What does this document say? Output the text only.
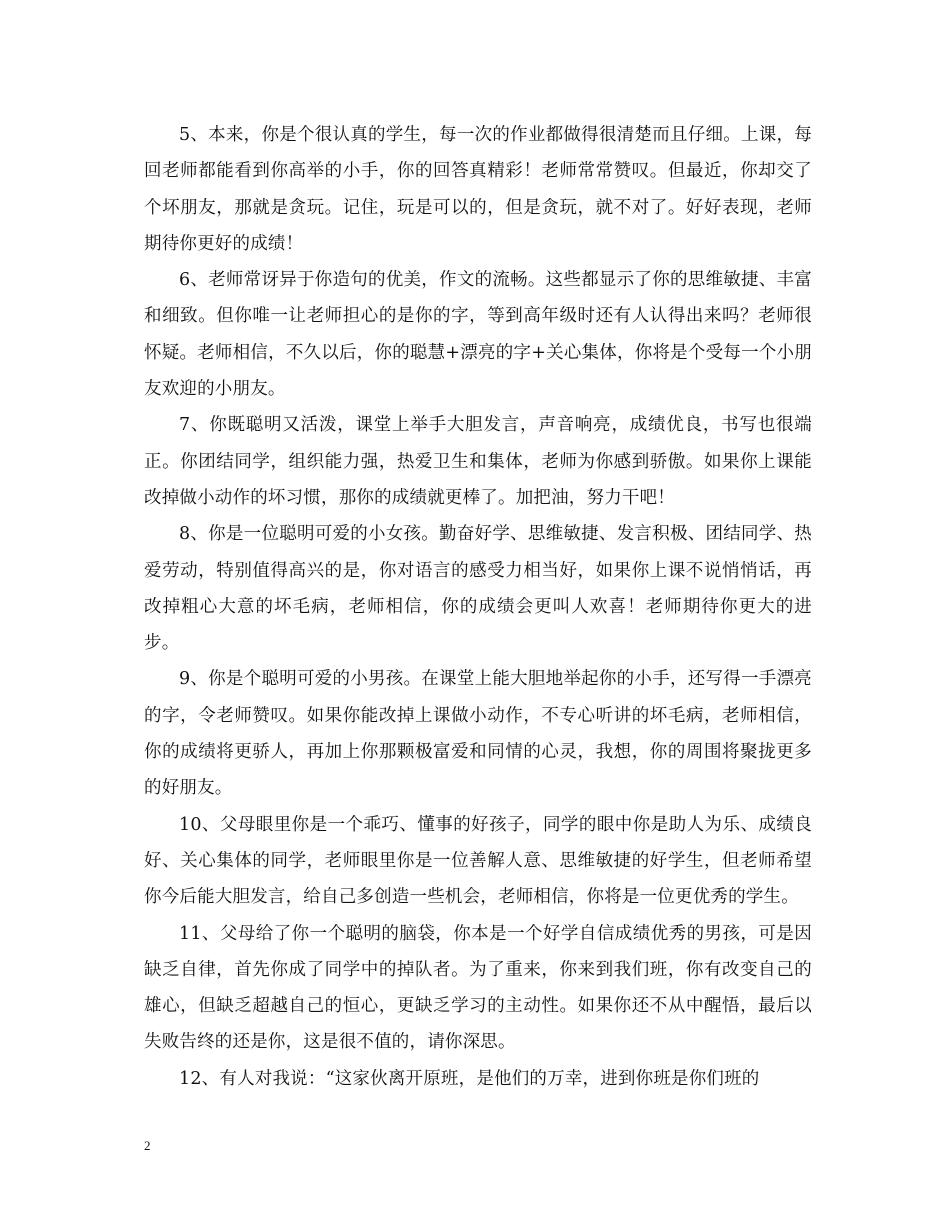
5、本来，你是个很认真的学生，每一次的作业都做得很清楚而且仔细。上课，每回老师都能看到你高举的小手，你的回答真精彩！老师常常赞叹。但最近，你却交了个坏朋友，那就是贪玩。记住，玩是可以的，但是贪玩，就不对了。好好表现，老师期待你更好的成绩！

6、老师常讶异于你造句的优美，作文的流畅。这些都显示了你的思维敏捷、丰富和细致。但你唯一让老师担心的是你的字，等到高年级时还有人认得出来吗？老师很怀疑。老师相信，不久以后，你的聪慧+漂亮的字+关心集体，你将是个受每一个小朋友欢迎的小朋友。

7、你既聪明又活泼，课堂上举手大胆发言，声音响亮，成绩优良，书写也很端正。你团结同学，组织能力强，热爱卫生和集体，老师为你感到骄傲。如果你上课能改掉做小动作的坏习惯，那你的成绩就更棒了。加把油，努力干吧！

8、你是一位聪明可爱的小女孩。勤奋好学、思维敏捷、发言积极、团结同学、热爱劳动，特别值得高兴的是，你对语言的感受力相当好，如果你上课不说悄悄话，再改掉粗心大意的坏毛病，老师相信，你的成绩会更叫人欢喜！老师期待你更大的进步。

9、你是个聪明可爱的小男孩。在课堂上能大胆地举起你的小手，还写得一手漂亮的字，令老师赞叹。如果你能改掉上课做小动作，不专心听讲的坏毛病，老师相信，你的成绩将更骄人，再加上你那颗极富爱和同情的心灵，我想，你的周围将聚拢更多的好朋友。

10、父母眼里你是一个乖巧、懂事的好孩子，同学的眼中你是助人为乐、成绩良好、关心集体的同学，老师眼里你是一位善解人意、思维敏捷的好学生，但老师希望你今后能大胆发言，给自己多创造一些机会，老师相信，你将是一位更优秀的学生。

11、父母给了你一个聪明的脑袋，你本是一个好学自信成绩优秀的男孩，可是因缺乏自律，首先你成了同学中的掉队者。为了重来，你来到我们班，你有改变自己的雄心，但缺乏超越自己的恒心，更缺乏学习的主动性。如果你还不从中醒悟，最后以失败告终的还是你，这是很不值的，请你深思。

12、有人对我说：“这家伙离开原班，是他们的万幸，进到你班是你们班的

2
